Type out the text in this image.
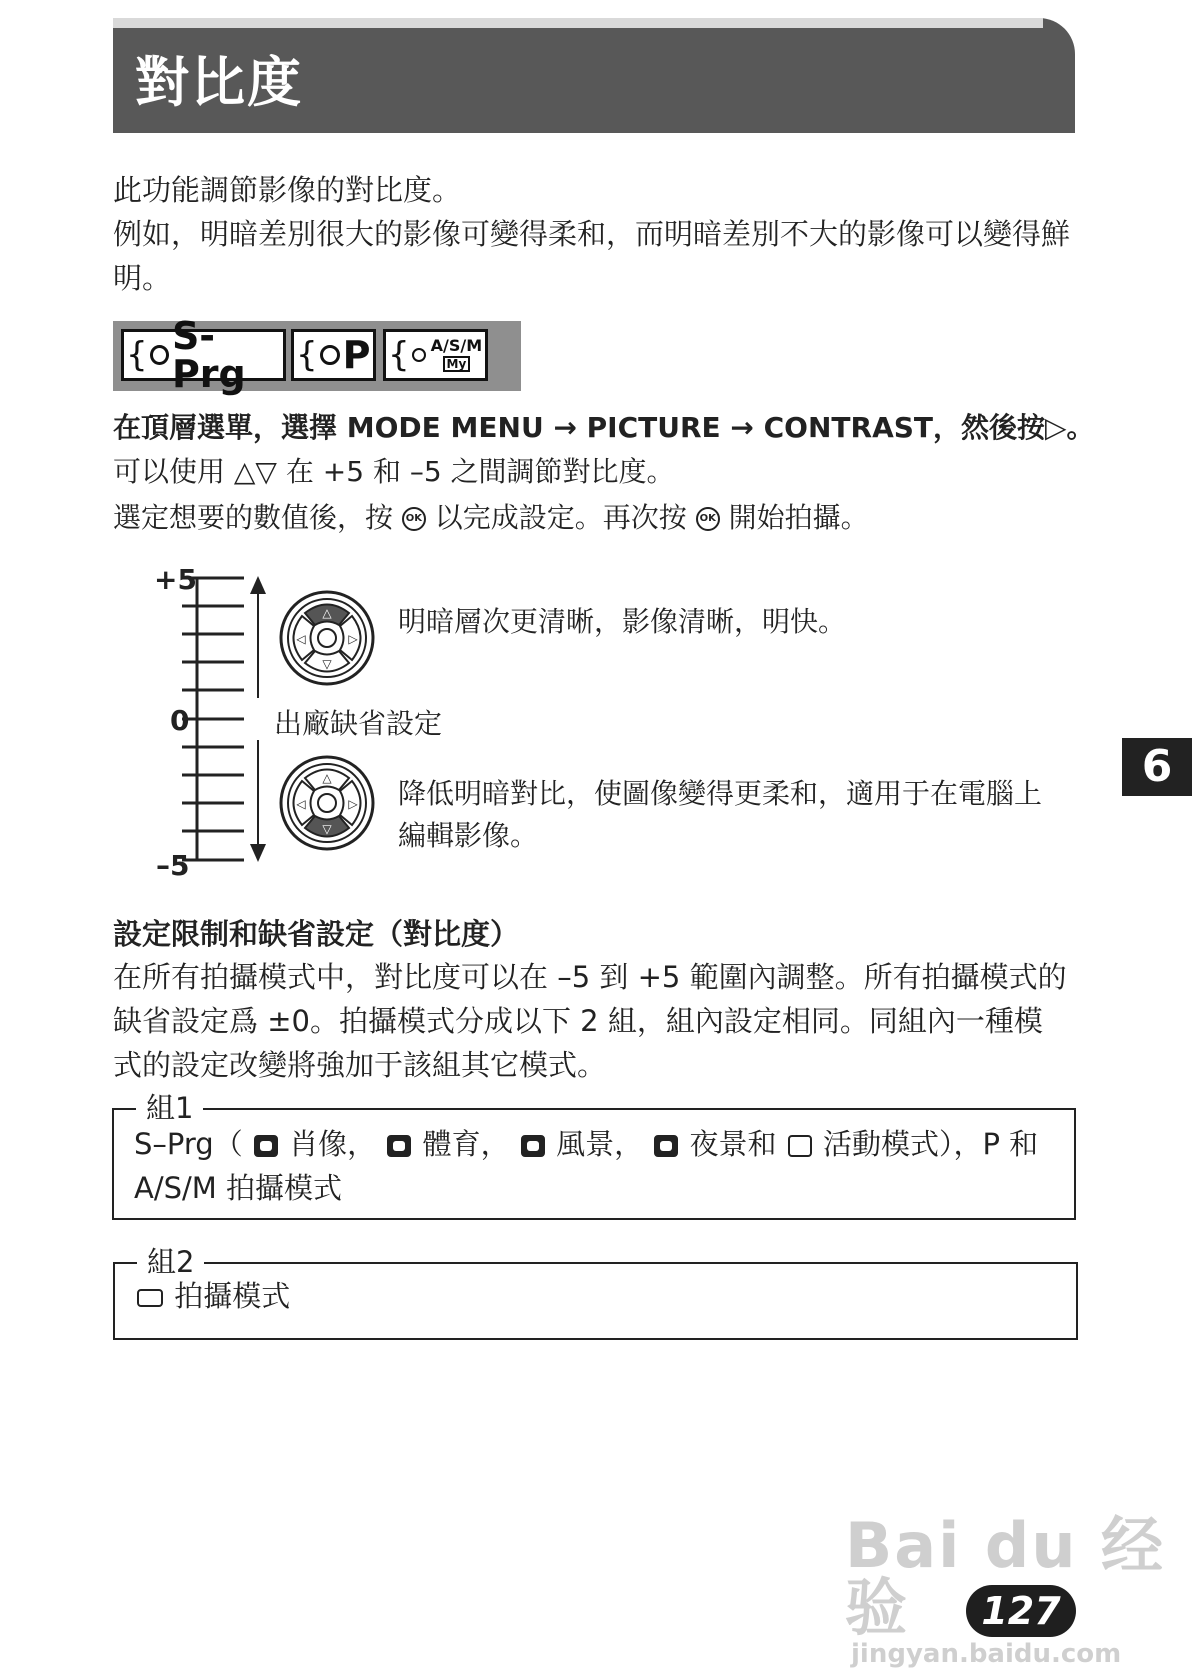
對比度
此功能調節影像的對比度。
例如，明暗差別很大的影像可變得柔和，而明暗差別不大的影像可以變得鮮明。
{ S-Prg	{ P { A/S/M
My
在頂層選單，選擇 MODE MENU → PICTURE → CONTRAST，然後按▷。
可以使用 △▽ 在 +5 和 –5 之間調節對比度。
選定想要的數值後，按 OK 以完成設定。再次按 OK 開始拍攝。
△
▽
◁	▷
△
▽
◁	▷
+5
0
–5
明暗層次更清晰，影像清晰，明快。
出廠缺省設定
降低明暗對比，使圖像變得更柔和，適用于在電腦上
編輯影像。
設定限制和缺省設定（對比度）
在所有拍攝模式中，對比度可以在 –5 到 +5 範圍內調整。所有拍攝模式的
缺省設定爲 ±0。拍攝模式分成以下 2 組，組內設定相同。同組內一種模
式的設定改變將強加于該組其它模式。
組1
S–Prg（ 肖像， 體育， 風景， 夜景和 活動模式），P 和
A/S/M 拍攝模式
組2
拍攝模式
6
Bai du 经验
jingyan.baidu.com
127
